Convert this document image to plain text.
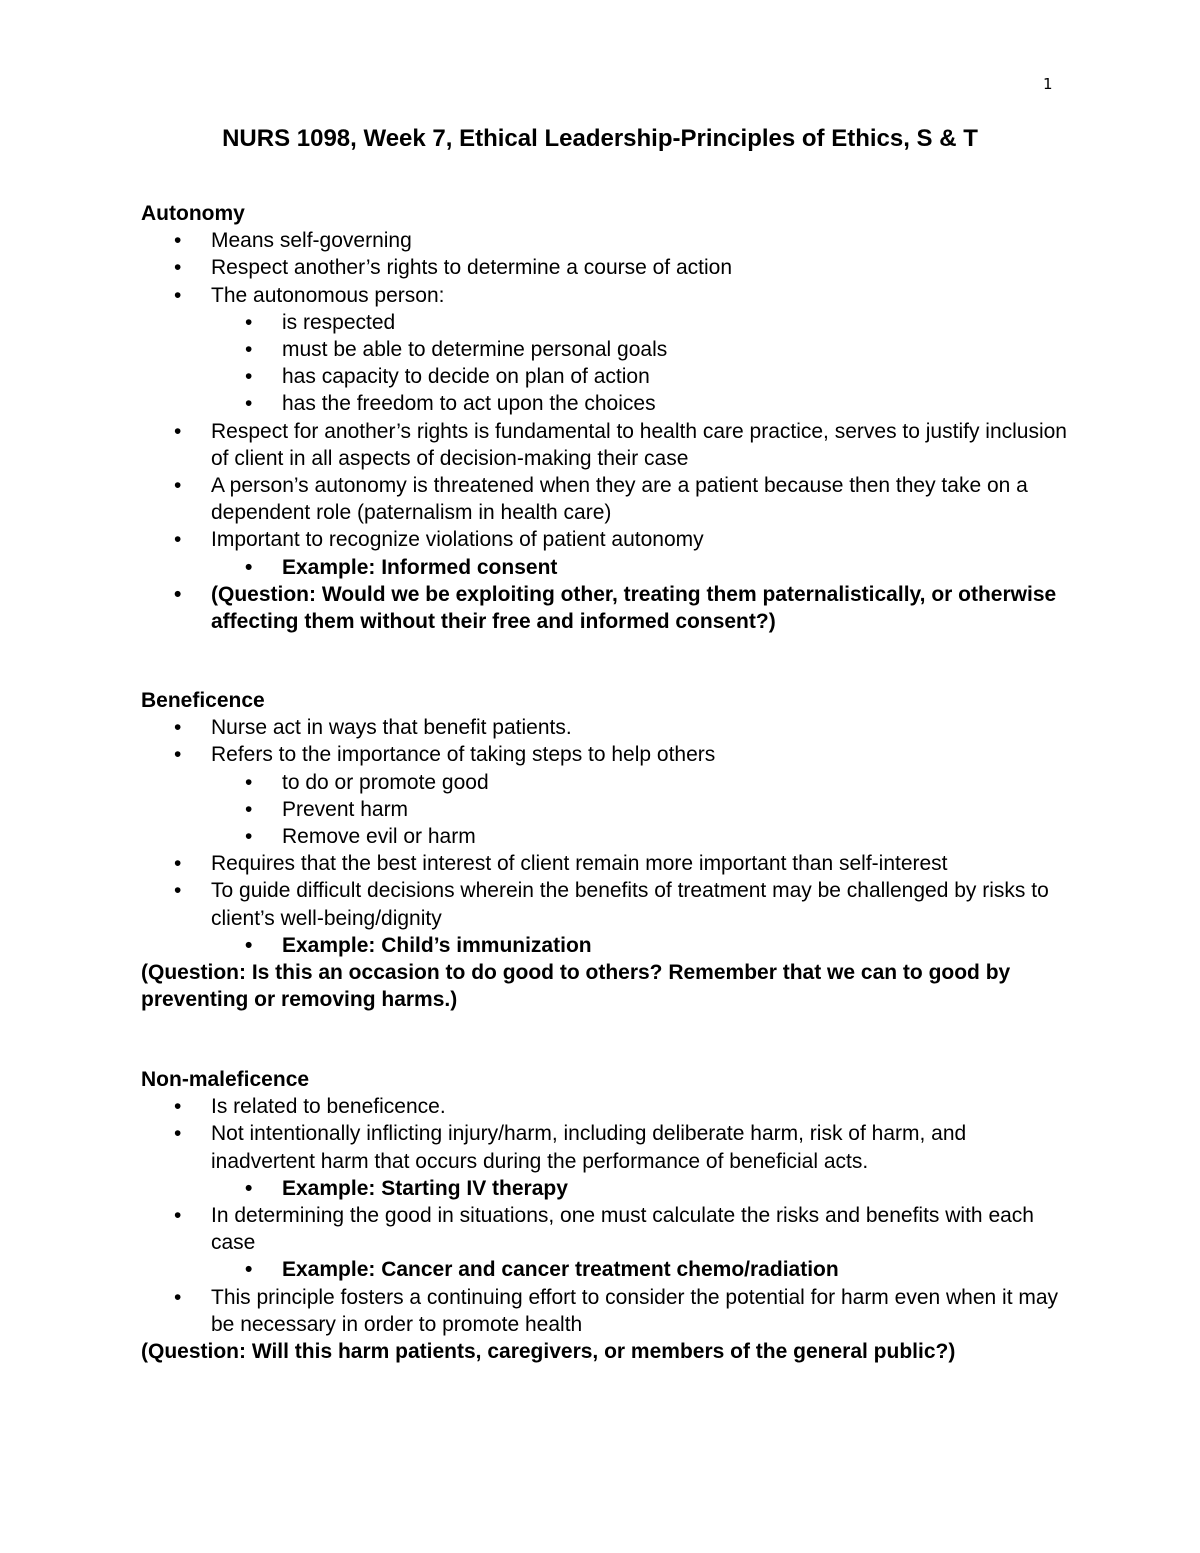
1
NURS 1098, Week 7, Ethical Leadership-Principles of Ethics, S & T

Autonomy

• Means self-governing

• Respect another’s rights to determine a course of action

• The autonomous person:

• is respected

• must be able to determine personal goals

• has capacity to decide on plan of action

• has the freedom to act upon the choices

• Respect for another’s rights is fundamental to health care practice, serves to justify inclusion of client in all aspects of decision-making their case

• A person’s autonomy is threatened when they are a patient because then they take on a dependent role (paternalism in health care)

• Important to recognize violations of patient autonomy

• Example: Informed consent

• (Question: Would we be exploiting other, treating them paternalistically, or otherwise affecting them without their free and informed consent?)

Beneficence

• Nurse act in ways that benefit patients.

• Refers to the importance of taking steps to help others

• to do or promote good

• Prevent harm

• Remove evil or harm

• Requires that the best interest of client remain more important than self-interest

• To guide difficult decisions wherein the benefits of treatment may be challenged by risks to client’s well-being/dignity

• Example: Child’s immunization

(Question: Is this an occasion to do good to others? Remember that we can to good by preventing or removing harms.)

Non-maleficence

• Is related to beneficence.

• Not intentionally inflicting injury/harm, including deliberate harm, risk of harm, and inadvertent harm that occurs during the performance of beneficial acts.

• Example: Starting IV therapy

• In determining the good in situations, one must calculate the risks and benefits with each case

• Example: Cancer and cancer treatment chemo/radiation

• This principle fosters a continuing effort to consider the potential for harm even when it may be necessary in order to promote health

(Question: Will this harm patients, caregivers, or members of the general public?)
